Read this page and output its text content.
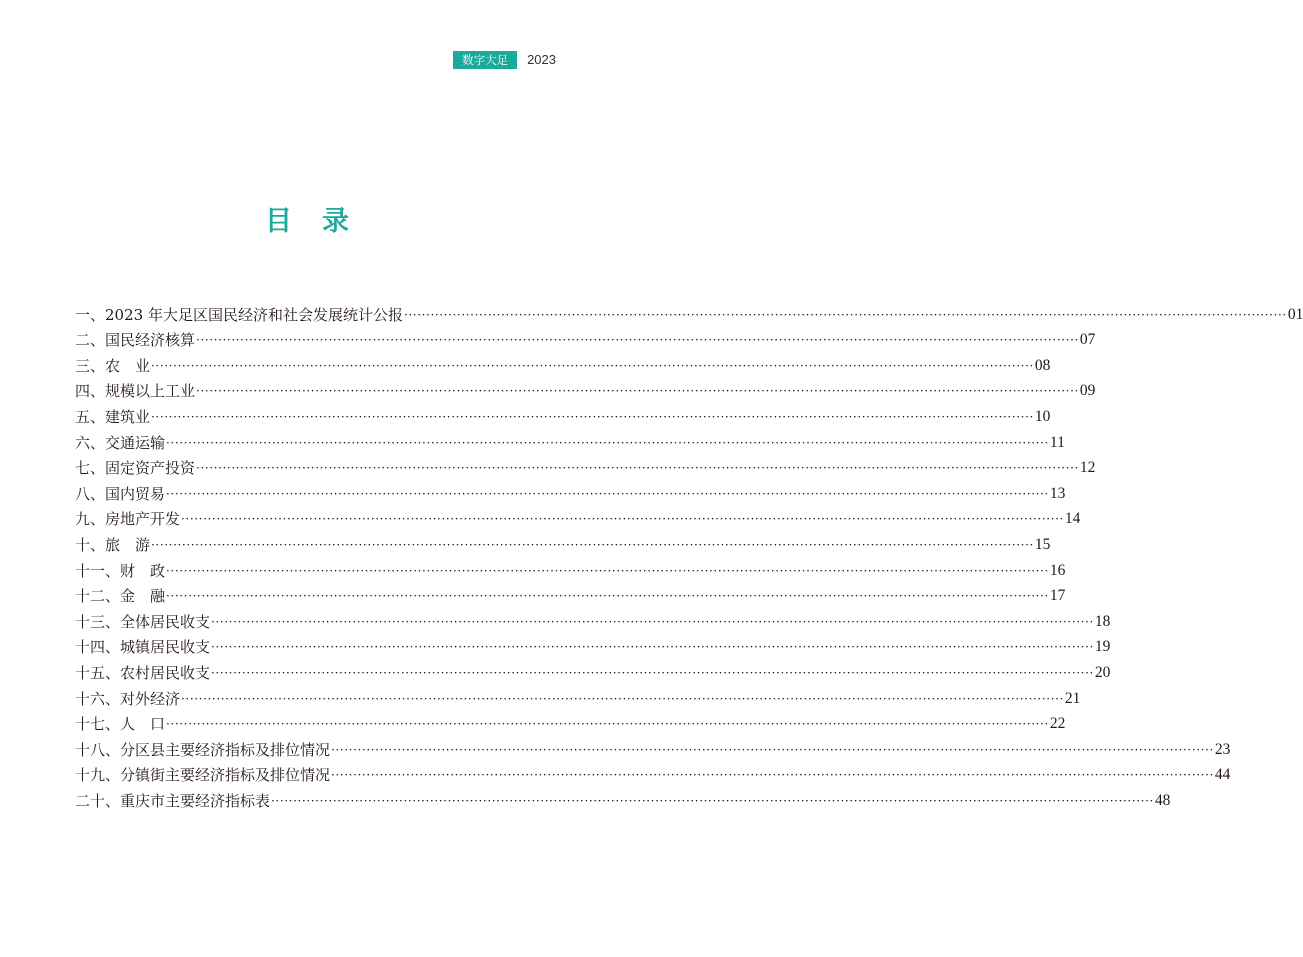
数字大足	2023
目录
一、2023 年大足区国民经济和社会发展统计公报 ········································································································································································································ 01
二、国民经济核算 ········································································································································································································ 07
三、农　业 ········································································································································································································ 08
四、规模以上工业 ········································································································································································································ 09
五、建筑业 ········································································································································································································ 10
六、交通运输 ········································································································································································································ 11
七、固定资产投资 ········································································································································································································ 12
八、国内贸易 ········································································································································································································ 13
九、房地产开发 ········································································································································································································ 14
十、旅　游 ········································································································································································································ 15
十一、财　政 ········································································································································································································ 16
十二、金　融 ········································································································································································································ 17
十三、全体居民收支 ········································································································································································································ 18
十四、城镇居民收支 ········································································································································································································ 19
十五、农村居民收支 ········································································································································································································ 20
十六、对外经济 ········································································································································································································ 21
十七、人　口 ········································································································································································································ 22
十八、分区县主要经济指标及排位情况 ········································································································································································································ 23
十九、分镇街主要经济指标及排位情况 ········································································································································································································ 44
二十、重庆市主要经济指标表 ········································································································································································································ 48
